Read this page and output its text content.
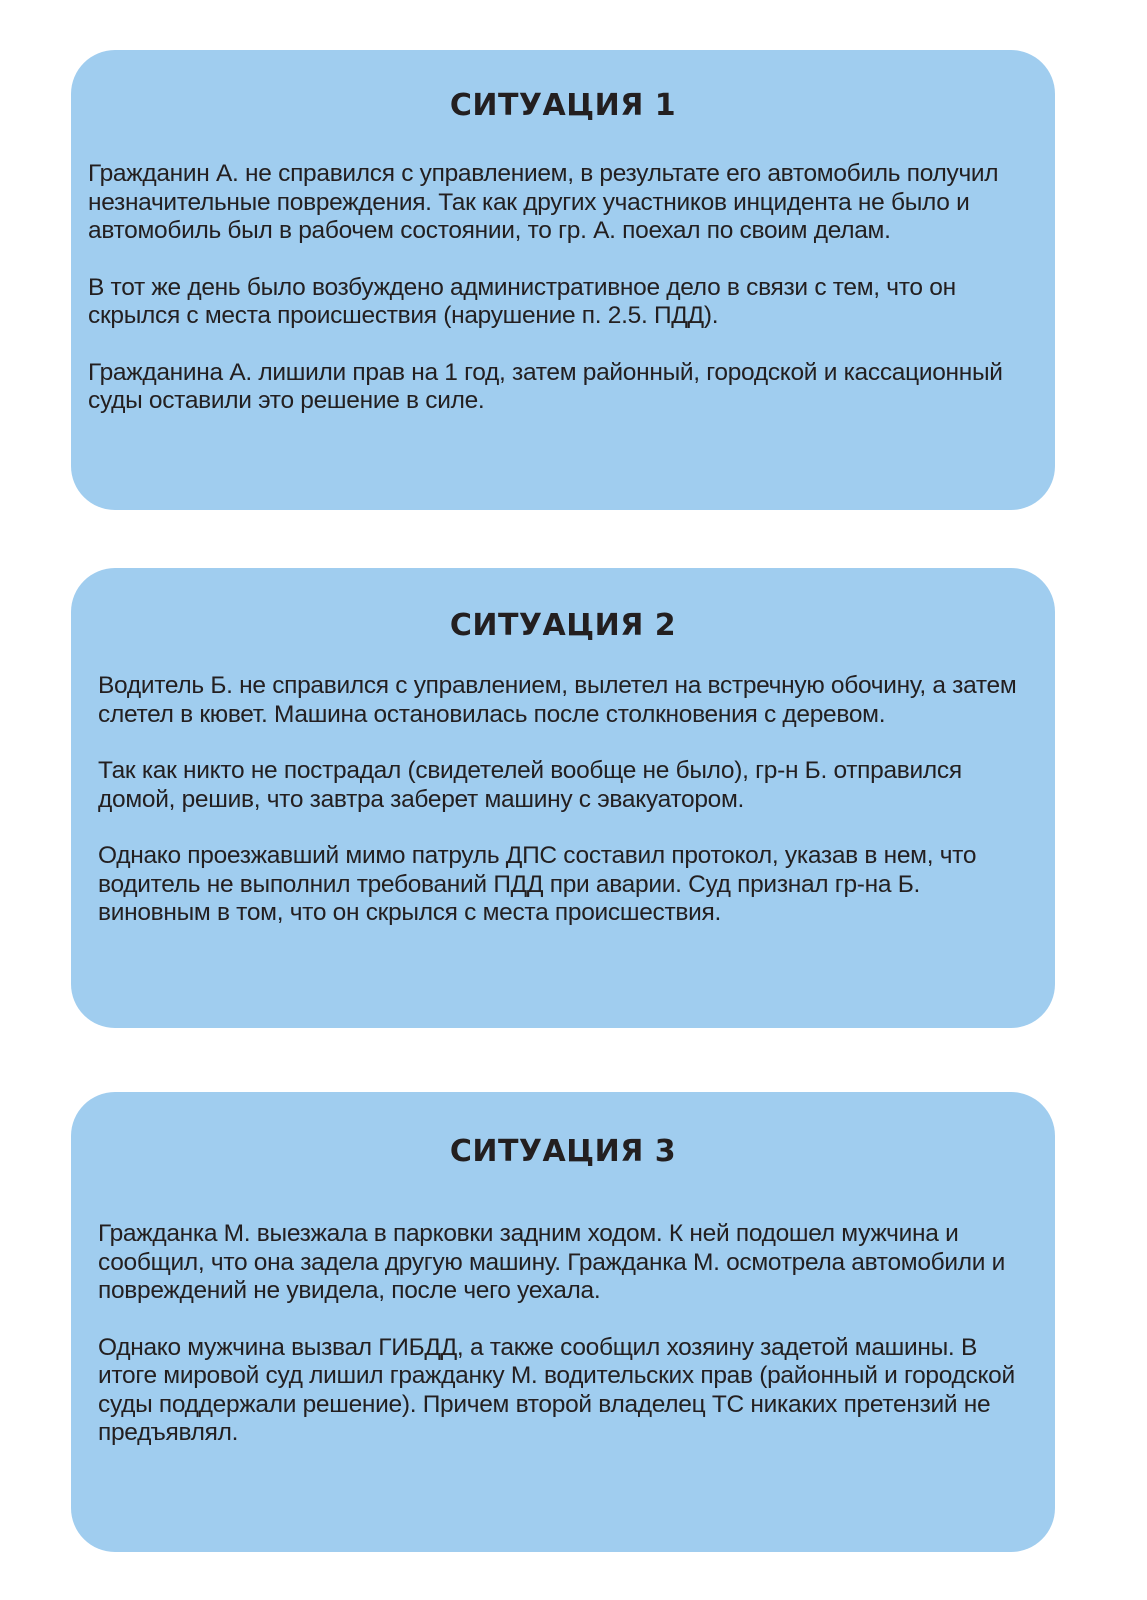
СИТУАЦИЯ 1

Гражданин А. не справился с управлением, в результате его автомобиль получил незначительные повреждения. Так как других участников инцидента не было и автомобиль был в рабочем состоянии, то гр. А. поехал по своим делам.

В тот же день было возбуждено административное дело в связи с тем, что он скрылся с места происшествия (нарушение п. 2.5. ПДД).

Гражданина А. лишили прав на 1 год, затем районный, городской и кассационный суды оставили это решение в силе.

СИТУАЦИЯ 2

Водитель Б. не справился с управлением, вылетел на встречную обочину, а затем слетел в кювет. Машина остановилась после столкновения с деревом.

Так как никто не пострадал (свидетелей вообще не было), гр-н Б. отправился домой, решив, что завтра заберет машину с эвакуатором.

Однако проезжавший мимо патруль ДПС составил протокол, указав в нем, что водитель не выполнил требований ПДД при аварии. Суд признал гр-на Б. виновным в том, что он скрылся с места происшествия.

СИТУАЦИЯ 3

Гражданка М. выезжала в парковки задним ходом. К ней подошел мужчина и сообщил, что она задела другую машину. Гражданка М. осмотрела автомобили и повреждений не увидела, после чего уехала.

Однако мужчина вызвал ГИБДД, а также сообщил хозяину задетой машины. В итоге мировой суд лишил гражданку М. водительских прав (районный и городской суды поддержали решение). Причем второй владелец ТС никаких претензий не предъявлял.
